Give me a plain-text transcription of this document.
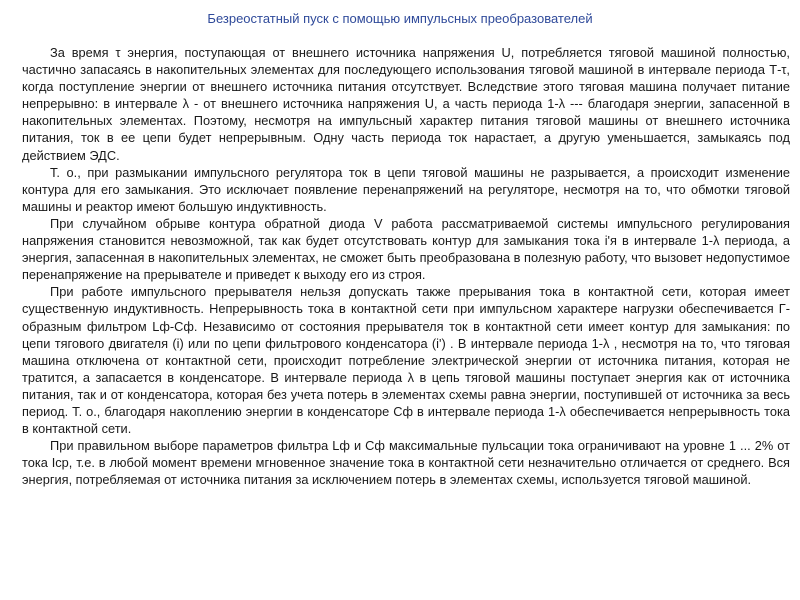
Безреостатный пуск с помощью импульсных преобразователей

За время τ энергия, поступающая от внешнего источника напряжения U, потребляется тяговой машиной полностью, частично запасаясь в накопительных элементах для последующего использования тяговой машиной в интервале периода Т-τ, когда поступление энергии от внешнего источника питания отсутствует. Вследствие этого тяговая машина получает питание непрерывно: в интервале λ - от внешнего источника напряжения U, а часть периода 1-λ --- благодаря энергии, запасенной в накопительных элементах. Поэтому, несмотря на импульсный характер питания тяговой машины от внешнего источника питания, ток в ее цепи будет непрерывным. Одну часть периода ток нарастает, а другую уменьшается, замыкаясь под действием ЭДС.

Т. о., при размыкании импульсного регулятора ток в цепи тяговой машины не разрывается, а происходит изменение контура для его замыкания. Это исключает появление перенапряжений на регуляторе, несмотря на то, что обмотки тяговой машины и реактор имеют большую индуктивность.

При случайном обрыве контура обратной диода V работа рассматриваемой системы импульсного регулирования напряжения становится невозможной, так как будет отсутствовать контур для замыкания тока i'я в интервале 1-λ периода, а энергия, запасенная в накопительных элементах, не сможет быть преобразована в полезную работу, что вызовет недопустимое перенапряжение на прерывателе и приведет к выходу его из строя.

При работе импульсного прерывателя нельзя допускать также прерывания тока в контактной сети, которая имеет существенную индуктивность. Непрерывность тока в контактной сети при импульсном характере нагрузки обеспечивается Г-образным фильтром Lф-Сф. Независимо от состояния прерывателя ток в контактной сети имеет контур для замыкания: по цепи тягового двигателя (i) или по цепи фильтрового конденсатора (i') . В интервале периода 1-λ , несмотря на то, что тяговая машина отключена от контактной сети, происходит потребление электрической энергии от источника питания, которая не тратится, а запасается в конденсаторе. В интервале периода λ в цепь тяговой машины поступает энергия как от источника питания, так и от конденсатора, которая без учета потерь в элементах схемы равна энергии, поступившей от источника за весь период. Т. о., благодаря накоплению энергии в конденсаторе Сф в интервале периода 1-λ обеспечивается непрерывность тока в контактной сети.

При правильном выборе параметров фильтра Lф и Сф максимальные пульсации тока ограничивают на уровне 1 ... 2% от тока Iср, т.е. в любой момент времени мгновенное значение тока в контактной сети незначительно отличается от среднего. Вся энергия, потребляемая от источника питания за исключением потерь в элементах схемы, используется тяговой машиной.
